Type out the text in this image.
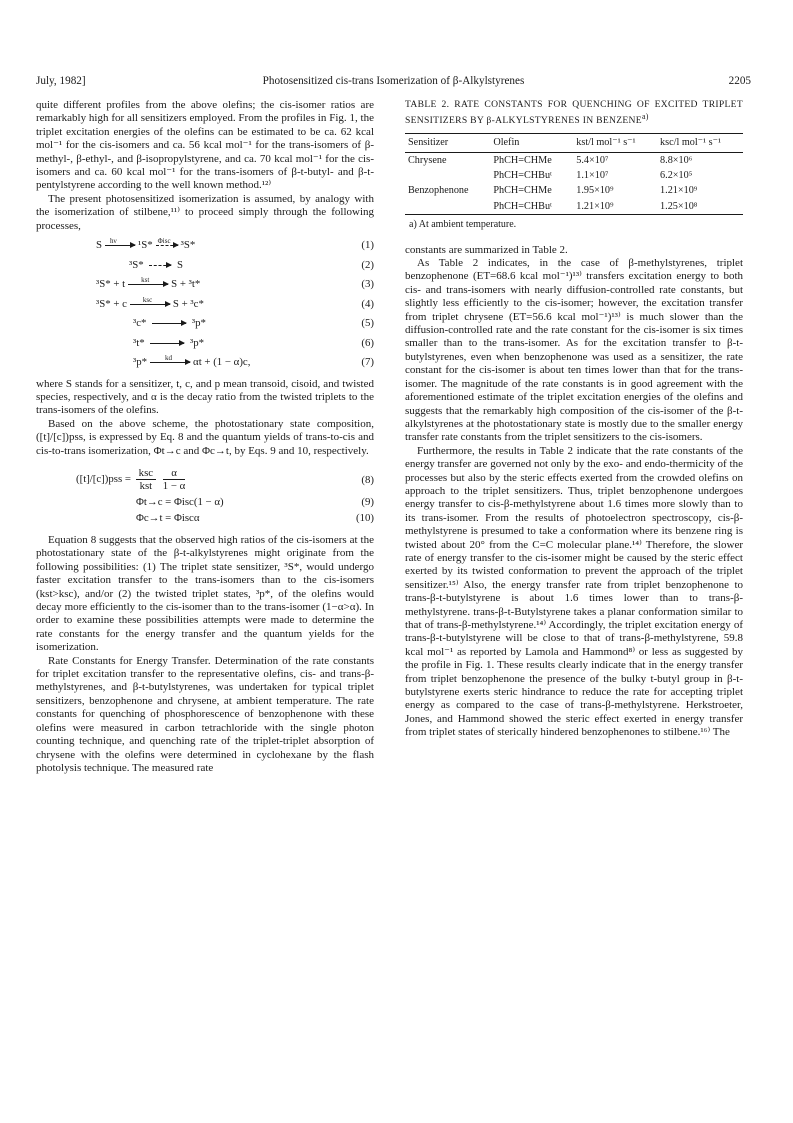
July, 1982]	Photosensitized cis-trans Isomerization of β-Alkylstyrenes	2205

quite different profiles from the above olefins; the cis-isomer ratios are remarkably high for all sensitizers employed. From the profiles in Fig. 1, the triplet excitation energies of the olefins can be estimated to be ca. 62 kcal mol⁻¹ for the cis-isomers and ca. 56 kcal mol⁻¹ for the trans-isomers of β-methyl-, β-ethyl-, and β-isopropylstyrene, and ca. 70 kcal mol⁻¹ for the cis-isomers and ca. 60 kcal mol⁻¹ for the trans-isomers of β-t-butyl- and β-t-pentylstyrene according to the well known method.¹²⁾

The present photosensitized isomerization is assumed, by analogy with the isomerization of stilbene,¹¹⁾ to proceed simply through the following processes,

S hν ¹S* Φisc ³S*	(1)
³S*	S	(2)
³S* + t kst S + ³t*	(3)
³S* + c ksc S + ³c*	(4)
³c*	³p*	(5)
³t*	³p*	(6)
³p*	kd αt + (1 − α)c,	(7)

where S stands for a sensitizer, t, c, and p mean transoid, cisoid, and twisted species, respectively, and α is the decay ratio from the twisted triplets to the trans-isomers of the olefins.

Based on the above scheme, the photostationary state composition, ([t]/[c])pss, is expressed by Eq. 8 and the quantum yields of trans-to-cis and cis-to-trans isomerization, Φt→c and Φc→t, by Eqs. 9 and 10, respectively.

$([t]/[c])pss = \frac{\text{ksc}}{\text{kst}}$
$\frac{\alpha}{1 - \alpha}$	(8)
Φt→c = Φisc(1 − α)	(9)
Φc→t = Φiscα	(10)

Equation 8 suggests that the observed high ratios of the cis-isomers at the photostationary state of the β-t-alkylstyrenes might originate from the following possibilities: (1) The triplet state sensitizer, ³S*, would undergo faster excitation transfer to the trans-isomers than to the cis-isomers (kst>ksc), and/or (2) the twisted triplet states, ³p*, of the olefins would decay more efficiently to the cis-isomer than to the trans-isomer (1−α>α). In order to examine these possibilities attempts were made to determine the rate constants for the energy transfer and the quantum yields for the isomerization.

Rate Constants for Energy Transfer. Determination of the rate constants for triplet excitation transfer to the representative olefins, cis- and trans-β-methylstyrenes, and β-t-butylstyrenes, was undertaken for typical triplet sensitizers, benzophenone and chrysene, at ambient temperature. The rate constants for quenching of phosphorescence of benzophenone with these olefins were measured in carbon tetrachloride with the single photon counting technique, and quenching rate of the triplet-triplet absorption of chrysene with the olefins were determined in cyclohexane by the flash photolysis technique. The measured rate

TABLE 2. RATE CONSTANTS FOR QUENCHING OF EXCITED TRIPLET SENSITIZERS BY β-ALKYLSTYRENES IN BENZENE$^{a)}$
Sensitizer	Olefin	kst/l mol⁻¹ s⁻¹	ksc/l mol⁻¹ s⁻¹
Chrysene	PhCH=CHMe	5.4×10⁷	8.8×10⁶
	PhCH=CHBuᵗ	1.1×10⁷	6.2×10⁵
Benzophenone	PhCH=CHMe	1.95×10⁹	1.21×10⁹
	PhCH=CHBuᵗ	1.21×10⁹	1.25×10⁸
a) At ambient temperature.

constants are summarized in Table 2.

As Table 2 indicates, in the case of β-methylstyrenes, triplet benzophenone (ET=68.6 kcal mol⁻¹)¹³⁾ transfers excitation energy to both cis- and trans-isomers with nearly diffusion-controlled rate constants, but slightly less efficiently to the cis-isomer; however, the excitation transfer from triplet chrysene (ET=56.6 kcal mol⁻¹)¹³⁾ is much slower than the diffusion-controlled rate and the rate constant for the cis-isomer is six times smaller than to the trans-isomer. As for the excitation transfer to β-t-butylstyrenes, even when benzophenone was used as a sensitizer, the rate constant for the cis-isomer is about ten times lower than that for the trans-isomer. The magnitude of the rate constants is in good agreement with the aforementioned estimate of the triplet excitation energies of the olefins and suggests that the remarkably high composition of the cis-isomer of the β-t-alkylstyrenes at the photostationary state is mostly due to the smaller energy transfer rate constants from the triplet sensitizers to the cis-isomers.

Furthermore, the results in Table 2 indicate that the rate constants of the energy transfer are governed not only by the exo- and endo-thermicity of the processes but also by the steric effects exerted from the crowded olefins on approach to the triplet sensitizers. Thus, triplet benzophenone undergoes energy transfer to cis-β-methylstyrene about 1.6 times more slowly than to its trans-isomer. From the results of photoelectron spectroscopy, cis-β-methylstyrene is presumed to take a conformation where its benzene ring is twisted about 20° from the C=C molecular plane.¹⁴⁾ Therefore, the slower rate of energy transfer to the cis-isomer might be caused by the steric effect exerted by its twisted conformation to prevent the approach of the triplet sensitizer.¹⁵⁾ Also, the energy transfer rate from triplet benzophenone to trans-β-t-butylstyrene is about 1.6 times lower than to trans-β-methylstyrene. trans-β-t-Butylstyrene takes a planar conformation similar to that of trans-β-methylstyrene.¹⁴⁾ Accordingly, the triplet excitation energy of trans-β-t-butylstyrene will be close to that of trans-β-methylstyrene, 59.8 kcal mol⁻¹ as reported by Lamola and Hammond⁸⁾ or less as suggested by the profile in Fig. 1. These results clearly indicate that in the energy transfer from triplet benzophenone the presence of the bulky t-butyl group in β-t-butylstyrene exerts steric hindrance to reduce the rate for accepting triplet energy as compared to the case of trans-β-methylstyrene. Herkstroeter, Jones, and Hammond showed the steric effect exerted in energy transfer from triplet states of sterically hindered benzophenones to stilbene.¹⁶⁾ The
